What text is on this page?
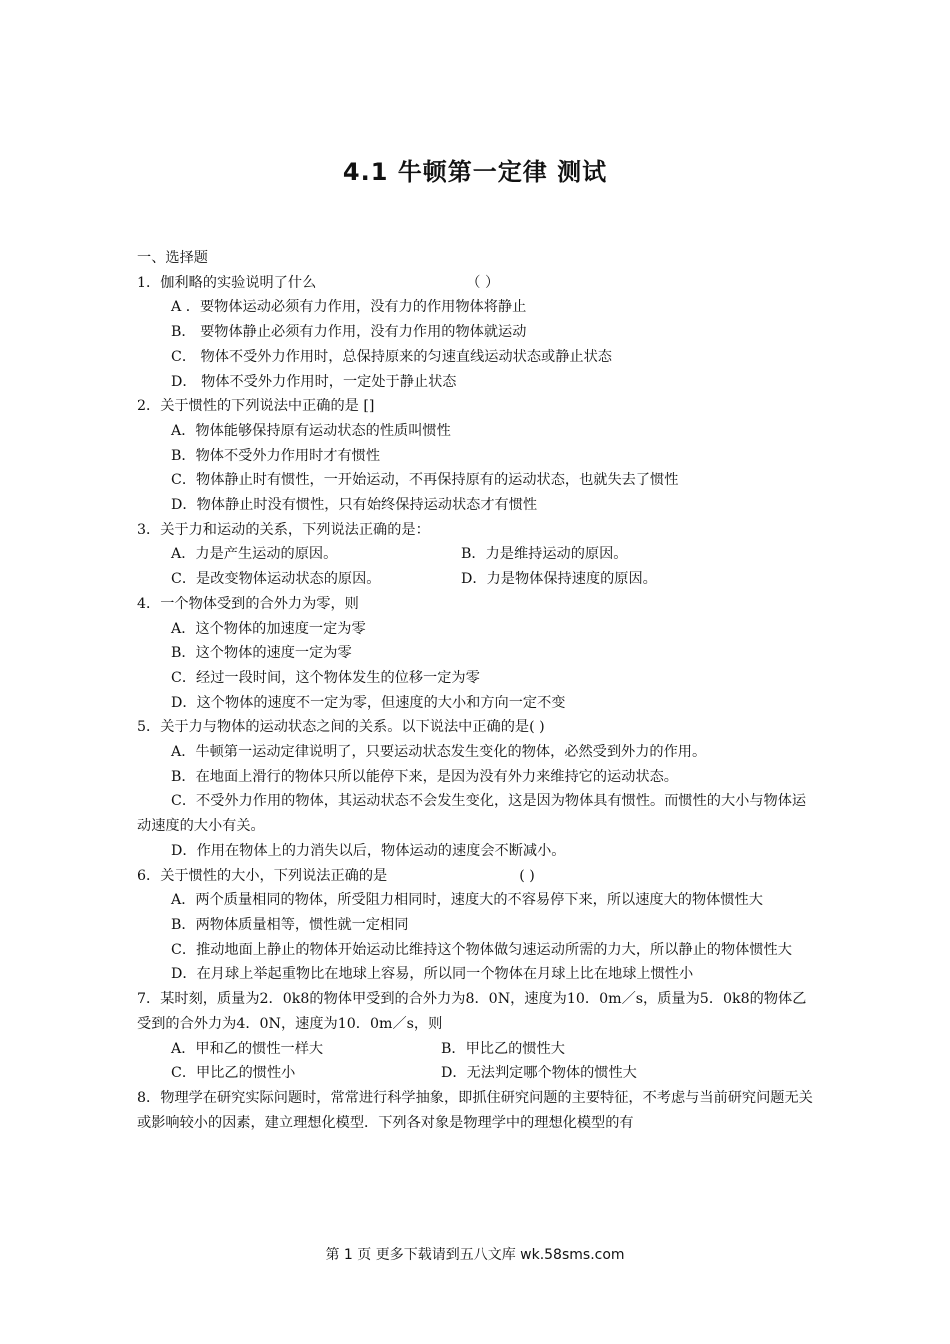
4.1 牛顿第一定律 测试
一、选择题
1．伽利略的实验说明了什么	（ ）
A ．要物体运动必须有力作用，没有力的作用物体将静止
B． 要物体静止必须有力作用，没有力作用的物体就运动
C． 物体不受外力作用时，总保持原来的匀速直线运动状态或静止状态
D． 物体不受外力作用时，一定处于静止状态
2．关于惯性的下列说法中正确的是 []
A．物体能够保持原有运动状态的性质叫惯性
B．物体不受外力作用时才有惯性
C．物体静止时有惯性，一开始运动，不再保持原有的运动状态，也就失去了惯性
D．物体静止时没有惯性，只有始终保持运动状态才有惯性
3．关于力和运动的关系，下列说法正确的是：
A．力是产生运动的原因。	B．力是维持运动的原因。
C．是改变物体运动状态的原因。	D．力是物体保持速度的原因。
4．一个物体受到的合外力为零，则
A．这个物体的加速度一定为零
B．这个物体的速度一定为零
C．经过一段时间，这个物体发生的位移一定为零
D．这个物体的速度不一定为零，但速度的大小和方向一定不变
5．关于力与物体的运动状态之间的关系。以下说法中正确的是( )
A．牛顿第一运动定律说明了，只要运动状态发生变化的物体，必然受到外力的作用。
B．在地面上滑行的物体只所以能停下来，是因为没有外力来维持它的运动状态。
C．不受外力作用的物体，其运动状态不会发生变化，这是因为物体具有惯性。而惯性的大小与物体运动速度的大小有关。
D．作用在物体上的力消失以后，物体运动的速度会不断减小。
6．关于惯性的大小，下列说法正确的是	( )
A．两个质量相同的物体，所受阻力相同时，速度大的不容易停下来，所以速度大的物体惯性大
B．两物体质量相等，惯性就一定相同
C．推动地面上静止的物体开始运动比维持这个物体做匀速运动所需的力大，所以静止的物体惯性大
D．在月球上举起重物比在地球上容易，所以同一个物体在月球上比在地球上惯性小
7．某时刻，质量为2．0k8的物体甲受到的合外力为8．0N，速度为10．0m／s，质量为5．0k8的物体乙受到的合外力为4．0N，速度为10．0m／s，则
A．甲和乙的惯性一样大	B．甲比乙的惯性大
C．甲比乙的惯性小	D．无法判定哪个物体的惯性大
8．物理学在研究实际问题时，常常进行科学抽象，即抓住研究问题的主要特征，不考虑与当前研究问题无关或影响较小的因素，建立理想化模型．下列各对象是物理学中的理想化模型的有
第 1 页 更多下载请到五八文库 wk.58sms.com
